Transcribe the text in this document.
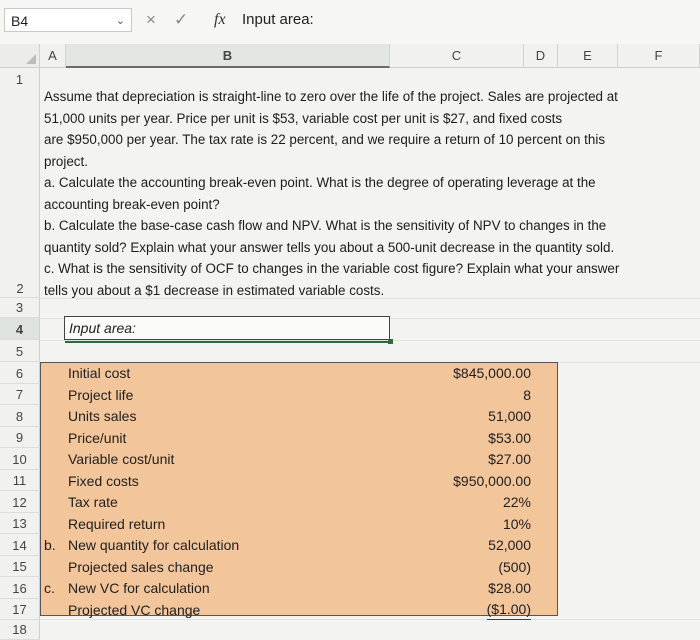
B4	⌄ × ✓ fx Input area:
A	B	C	D	E	F
1
2
3
4
5
6
7
8
9
10
11
12
13
14
15
16
17
18

Assume that depreciation is straight-line to zero over the life of the project. Sales are projected at

51,000 units per year. Price per unit is $53, variable cost per unit is $27, and fixed costs

are $950,000 per year. The tax rate is 22 percent, and we require a return of 10 percent on this

project.

a. Calculate the accounting break-even point. What is the degree of operating leverage at the

accounting break-even point?

b. Calculate the base-case cash flow and NPV. What is the sensitivity of NPV to changes in the

quantity sold? Explain what your answer tells you about a 500-unit decrease in the quantity sold.

c. What is the sensitivity of OCF to changes in the variable cost figure? Explain what your answer

tells you about a $1 decrease in estimated variable costs.

Input area:
Initial cost	$845,000.00
Project life	8
Units sales	51,000
Price/unit	$53.00
Variable cost/unit	$27.00
Fixed costs	$950,000.00
Tax rate	22%
Required return	10%
b. New quantity for calculation	52,000
Projected sales change	(500)
c. New VC for calculation	$28.00
Projected VC change	($1.00)
